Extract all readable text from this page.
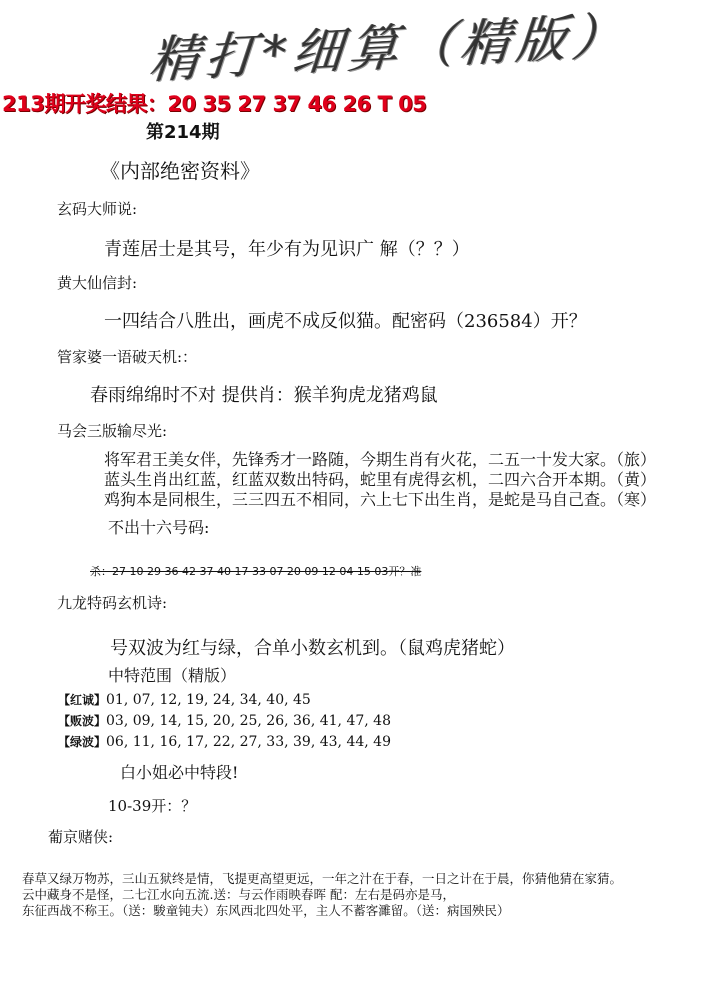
精打*细算（精版）
213期开奖结果：20 35 27 37 46 26 T 05
第214期
《内部绝密资料》
玄码大师说:
青莲居士是其号，年少有为见识广 解（？？）
黄大仙信封:
一四结合八胜出，画虎不成反似猫。配密码（236584）开？
管家婆一语破天机:：
春雨绵绵时不对 提供肖：猴羊狗虎龙猪鸡鼠
马会三版输尽光:
将军君王美女伴，先锋秀才一路随，今期生肖有火花，二五一十发大家。（旅）
蓝头生肖出红蓝，红蓝双数出特码，蛇里有虎得玄机，二四六合开本期。（黄）
鸡狗本是同根生，三三四五不相同，六上七下出生肖，是蛇是马自己查。（寒）
不出十六号码:
杀：27 10 29 36 42 37 40 17 33 07 20 09 12 04 15 03开？准
九龙特码玄机诗:
号双波为红与绿，合单小数玄机到。（鼠鸡虎猪蛇）
中特范围（精版）
【红诚】01, 07, 12, 19, 24, 34, 40, 45
【贩波】03, 09, 14, 15, 20, 25, 26, 36, 41, 47, 48
【绿波】06, 11, 16, 17, 22, 27, 33, 39, 43, 44, 49
白小姐必中特段!
10-39开：？
葡京赌侠:
春草又绿万物苏，三山五狱终是情，飞提更高望更远，一年之汁在于春，一日之计在于晨，你猜他猜在家猜。
云中藏身不是怪，二七江水向五流.送：与云作雨映春晖 配：左右是码亦是马，
东征西战不称王。（送：駿童钝夫）东风西北四处平，主人不蓄客濉留。（送：病国殃民）
